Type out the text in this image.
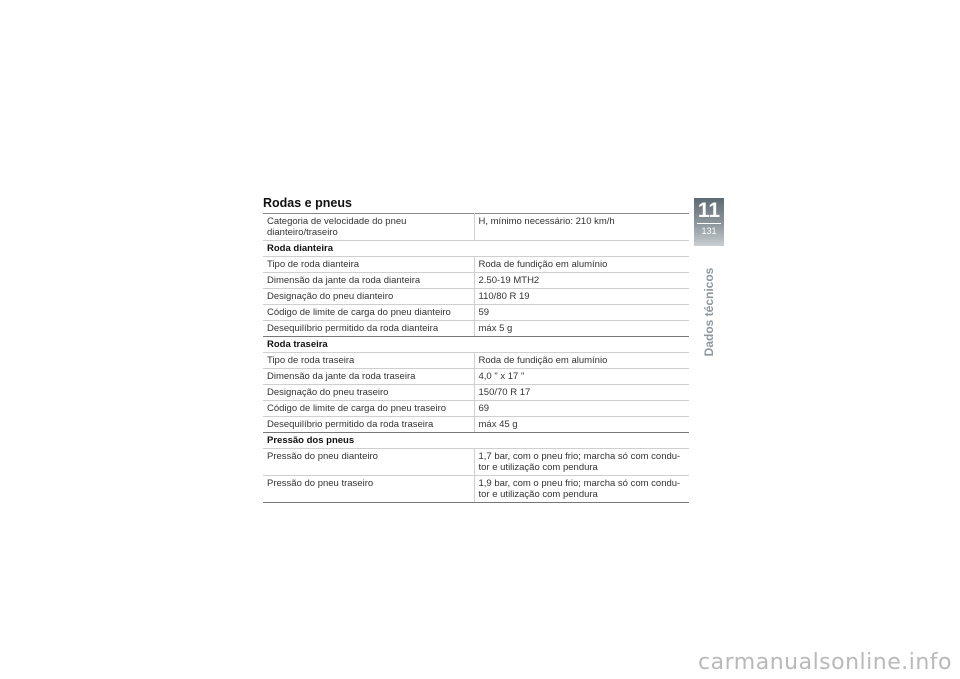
Rodas e pneus
Categoria de velocidade do pneu dianteiro/traseiro	H, mínimo necessário: 210 km/h
Roda dianteira	
Tipo de roda dianteira	Roda de fundição em alumínio
Dimensão da jante da roda dianteira	2.50-19 MTH2
Designação do pneu dianteiro	110/80 R 19
Código de limite de carga do pneu dianteiro	59
Desequilíbrio permitido da roda dianteira	máx 5 g
Roda traseira	
Tipo de roda traseira	Roda de fundição em alumínio
Dimensão da jante da roda traseira	4,0 " x 17 "
Designação do pneu traseiro	150/70 R 17
Código de limite de carga do pneu traseiro	69
Desequilíbrio permitido da roda traseira	máx 45 g
Pressão dos pneus	
Pressão do pneu dianteiro	1,7 bar, com o pneu frio; marcha só com condu-
tor e utilização com pendura
Pressão do pneu traseiro	1,9 bar, com o pneu frio; marcha só com condu-
tor e utilização com pendura
11
131
Dados técnicos
carmanualsonline.info
